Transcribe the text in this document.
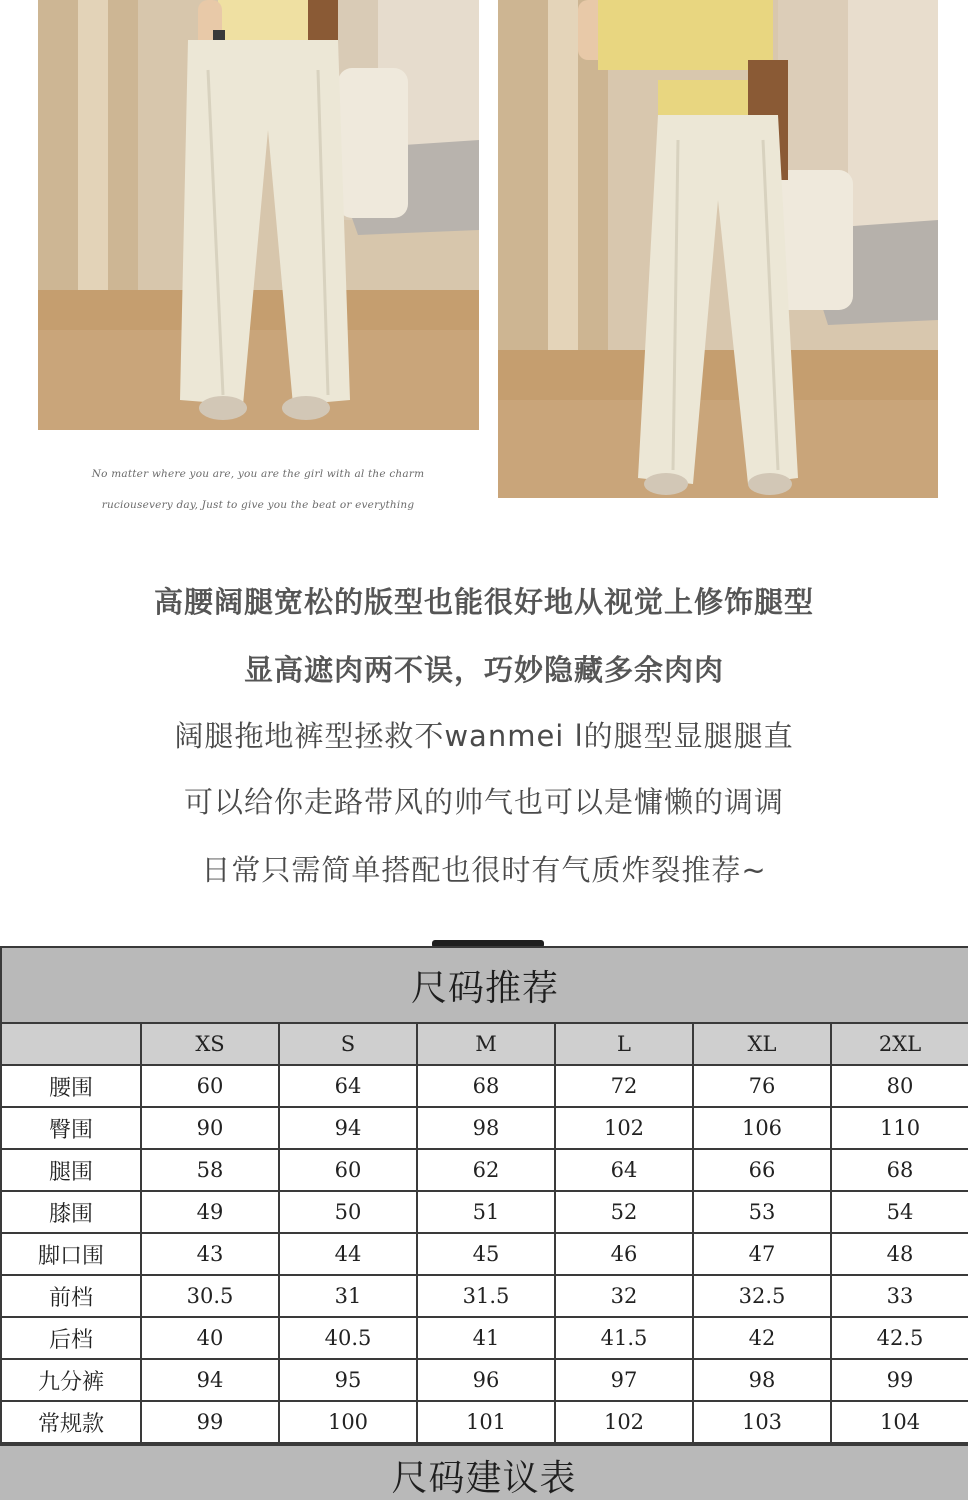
No matter where you are, you are the girl with al the charm
ruciousevery day, Just to give you the beat or everything
高腰阔腿宽松的版型也能很好地从视觉上修饰腿型
显高遮肉两不误，巧妙隐藏多余肉肉
阔腿拖地裤型拯救不wanmei l的腿型显腿腿直
可以给你走路带风的帅气也可以是慵懒的调调
日常只需简单搭配也很时有气质炸裂推荐~
尺码推荐						
	XS	S	M	L	XL	2XL
腰围	60	64	68	72	76	80
臀围	90	94	98	102	106	110
腿围	58	60	62	64	66	68
膝围	49	50	51	52	53	54
脚口围	43	44	45	46	47	48
前档	30.5	31	31.5	32	32.5	33
后档	40	40.5	41	41.5	42	42.5
九分裤	94	95	96	97	98	99
常规款	99	100	101	102	103	104
尺码建议表
